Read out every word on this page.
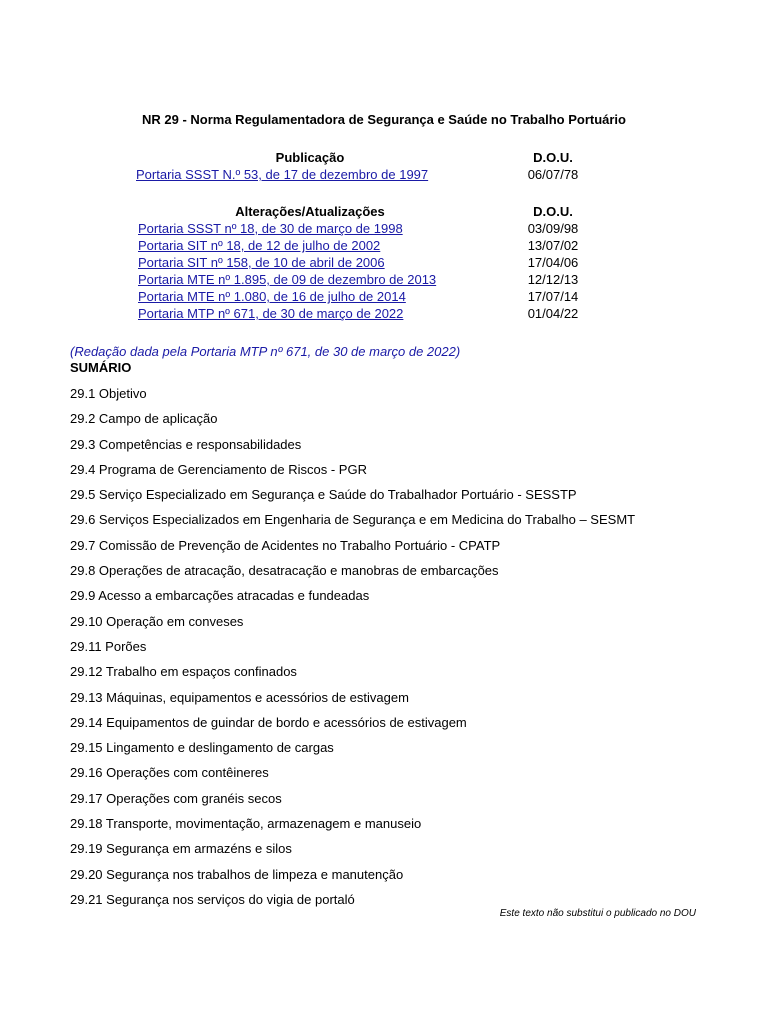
NR 29 - Norma Regulamentadora de Segurança e Saúde no Trabalho Portuário
Publicação	D.O.U.
Portaria SSST N.º 53, de 17 de dezembro de 1997	06/07/78
Alterações/Atualizações	D.O.U.
Portaria SSST nº 18, de 30 de março de 1998	03/09/98
Portaria SIT nº 18, de 12 de julho de 2002	13/07/02
Portaria SIT nº 158, de 10 de abril de 2006	17/04/06
Portaria MTE nº 1.895, de 09 de dezembro de 2013	12/12/13
Portaria MTE nº 1.080, de 16 de julho de 2014	17/07/14
Portaria MTP nº 671, de 30 de março de 2022	01/04/22
(Redação dada pela Portaria MTP nº 671, de 30 de março de 2022)
SUMÁRIO
29.1 Objetivo
29.2 Campo de aplicação
29.3 Competências e responsabilidades
29.4 Programa de Gerenciamento de Riscos - PGR
29.5 Serviço Especializado em Segurança e Saúde do Trabalhador Portuário - SESSTP
29.6 Serviços Especializados em Engenharia de Segurança e em Medicina do Trabalho – SESMT
29.7 Comissão de Prevenção de Acidentes no Trabalho Portuário - CPATP
29.8 Operações de atracação, desatracação e manobras de embarcações
29.9 Acesso a embarcações atracadas e fundeadas
29.10 Operação em conveses
29.11 Porões
29.12 Trabalho em espaços confinados
29.13 Máquinas, equipamentos e acessórios de estivagem
29.14 Equipamentos de guindar de bordo e acessórios de estivagem
29.15 Lingamento e deslingamento de cargas
29.16 Operações com contêineres
29.17 Operações com granéis secos
29.18 Transporte, movimentação, armazenagem e manuseio
29.19 Segurança em armazéns e silos
29.20 Segurança nos trabalhos de limpeza e manutenção
29.21 Segurança nos serviços do vigia de portaló
Este texto não substitui o publicado no DOU
